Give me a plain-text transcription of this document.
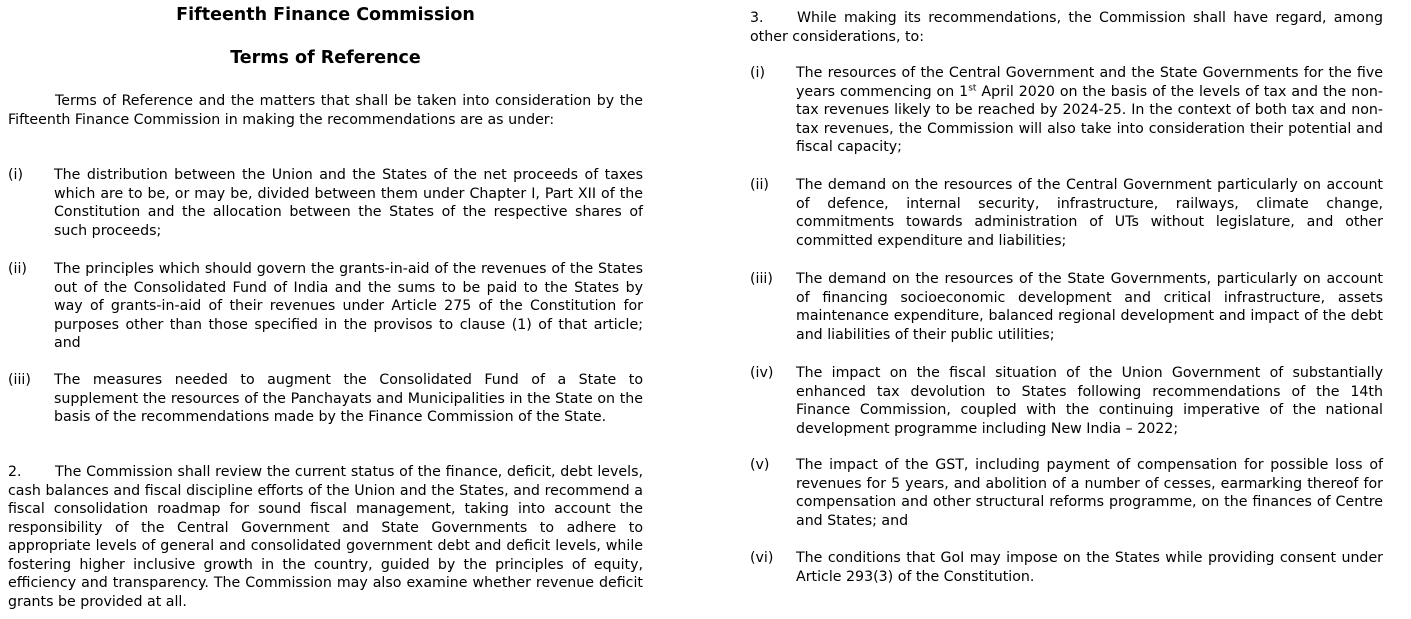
Fifteenth Finance Commission
Terms of Reference

Terms of Reference and the matters that shall be taken into consideration by the Fifteenth Finance Commission in making the recommendations are as under:

(i) The distribution between the Union and the States of the net proceeds of taxes which are to be, or may be, divided between them under Chapter I, Part XII of the Constitution and the allocation between the States of the respective shares of such proceeds;
(ii) The principles which should govern the grants-in-aid of the revenues of the States out of the Consolidated Fund of India and the sums to be paid to the States by way of grants-in-aid of their revenues under Article 275 of the Constitution for purposes other than those specified in the provisos to clause (1) of that article; and
(iii) The measures needed to augment the Consolidated Fund of a State to supplement the resources of the Panchayats and Municipalities in the State on the basis of the recommendations made by the Finance Commission of the State.

2. The Commission shall review the current status of the finance, deficit, debt levels, cash balances and fiscal discipline efforts of the Union and the States, and recommend a fiscal consolidation roadmap for sound fiscal management, taking into account the responsibility of the Central Government and State Governments to adhere to appropriate levels of general and consolidated government debt and deficit levels, while fostering higher inclusive growth in the country, guided by the principles of equity, efficiency and transparency. The Commission may also examine whether revenue deficit grants be provided at all.

3. While making its recommendations, the Commission shall have regard, among other considerations, to:

(i) The resources of the Central Government and the State Governments for the five years commencing on 1st April 2020 on the basis of the levels of tax and the non-tax revenues likely to be reached by 2024-25. In the context of both tax and non-tax revenues, the Commission will also take into consideration their potential and fiscal capacity;
(ii) The demand on the resources of the Central Government particularly on account of defence, internal security, infrastructure, railways, climate change, commitments towards administration of UTs without legislature, and other committed expenditure and liabilities;
(iii) The demand on the resources of the State Governments, particularly on account of financing socioeconomic development and critical infrastructure, assets maintenance expenditure, balanced regional development and impact of the debt and liabilities of their public utilities;
(iv) The impact on the fiscal situation of the Union Government of substantially enhanced tax devolution to States following recommendations of the 14th Finance Commission, coupled with the continuing imperative of the national development programme including New India – 2022;
(v) The impact of the GST, including payment of compensation for possible loss of revenues for 5 years, and abolition of a number of cesses, earmarking thereof for compensation and other structural reforms programme, on the finances of Centre and States; and
(vi) The conditions that GoI may impose on the States while providing consent under Article 293(3) of the Constitution.
